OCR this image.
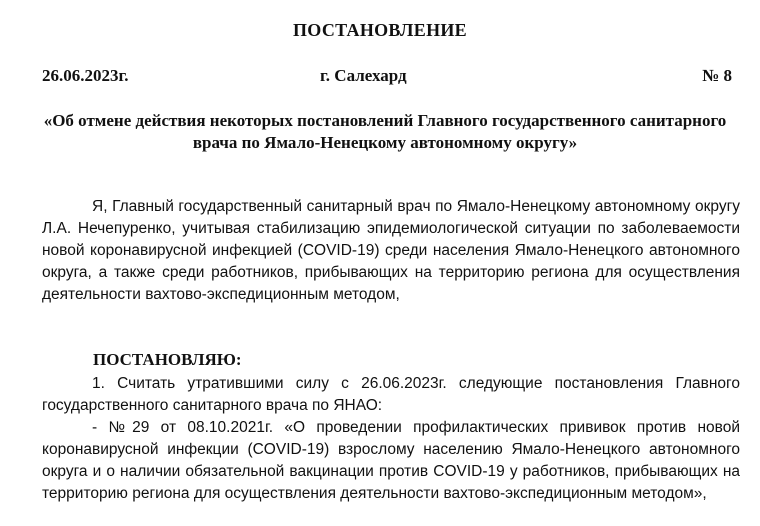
ПОСТАНОВЛЕНИЕ
26.06.2023г.	г. Салехард	№ 8
«Об отмене действия некоторых постановлений Главного государственного санитарного врача по Ямало-Ненецкому автономному округу»
Я, Главный государственный санитарный врач по Ямало-Ненецкому автономному округу Л.А. Нечепуренко, учитывая стабилизацию эпидемиологической ситуации по заболеваемости новой коронавирусной инфекцией (COVID-19) среди населения Ямало-Ненецкого автономного округа, а также среди работников, прибывающих на территорию региона для осуществления деятельности вахтово-экспедиционным методом,
ПОСТАНОВЛЯЮ:
1. Считать утратившими силу с 26.06.2023г. следующие постановления Главного государственного санитарного врача по ЯНАО:
- №29 от 08.10.2021г. «О проведении профилактических прививок против новой коронавирусной инфекции (COVID-19) взрослому населению Ямало-Ненецкого автономного округа и о наличии обязательной вакцинации против COVID-19 у работников, прибывающих на территорию региона для осуществления деятельности вахтово-экспедиционным методом»,
